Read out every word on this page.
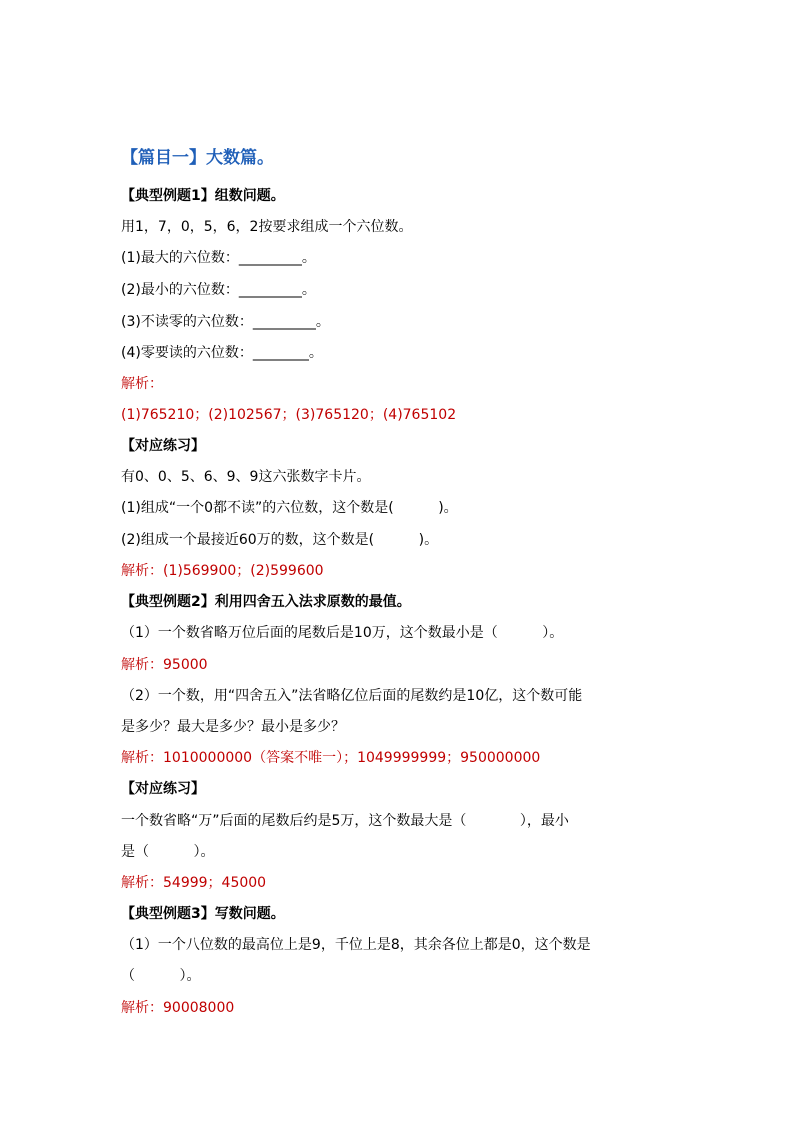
【篇目一】大数篇。
【典型例题1】组数问题。
用1，7，0，5，6，2按要求组成一个六位数。
(1)最大的六位数：_________。
(2)最小的六位数：_________。
(3)不读零的六位数：_________。
(4)零要读的六位数：________。
解析：
(1)765210；(2)102567；(3)765120；(4)765102
【对应练习】
有0、0、5、6、9、9这六张数字卡片。
(1)组成“一个0都不读”的六位数，这个数是(          )。
(2)组成一个最接近60万的数，这个数是(          )。
解析：(1)569900；(2)599600
【典型例题2】利用四舍五入法求原数的最值。
（1）一个数省略万位后面的尾数后是10万，这个数最小是（          ）。
解析：95000
（2）一个数，用“四舍五入”法省略亿位后面的尾数约是10亿，这个数可能
是多少？最大是多少？最小是多少？
解析：1010000000（答案不唯一）；1049999999；950000000
【对应练习】
一个数省略“万”后面的尾数后约是5万，这个数最大是（            ），最小
是（          ）。
解析：54999；45000
【典型例题3】写数问题。
（1）一个八位数的最高位上是9，千位上是8，其余各位上都是0，这个数是
（          ）。
解析：90008000
